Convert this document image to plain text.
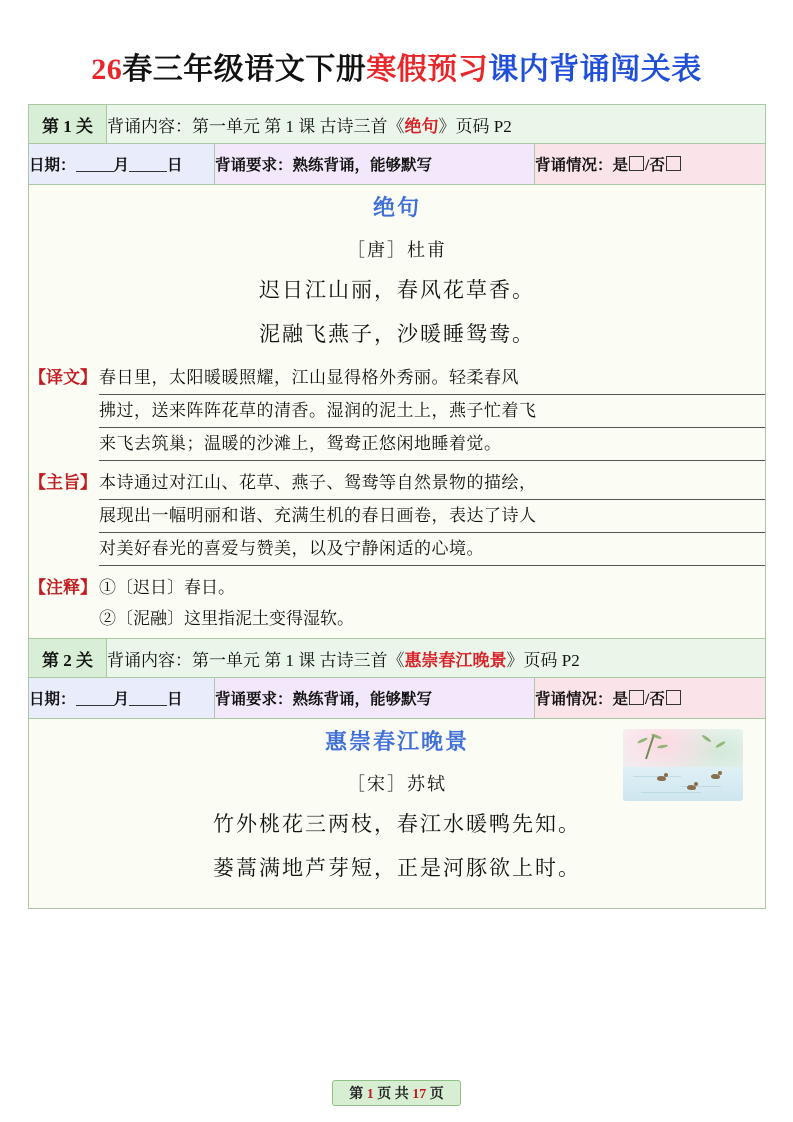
26春三年级语文下册寒假预习课内背诵闯关表
第 1 关	背诵内容：第一单元 第 1 课 古诗三首《绝句》页码 P2		
日期： 月 日		背诵要求：熟练背诵，能够默写	背诵情况：是 /否

绝句
［唐］杜甫
迟日江山丽，春风花草香。
泥融飞燕子，沙暖睡鸳鸯。
【译文】 春日里，太阳暖暖照耀，江山显得格外秀丽。轻柔春风
拂过，送来阵阵花草的清香。湿润的泥土上，燕子忙着飞
来飞去筑巢；温暖的沙滩上，鸳鸯正悠闲地睡着觉。
【主旨】 本诗通过对江山、花草、燕子、鸳鸯等自然景物的描绘，
展现出一幅明丽和谐、充满生机的春日画卷，表达了诗人
对美好春光的喜爱与赞美，以及宁静闲适的心境。
【注释】 ①〔迟日〕春日。
②〔泥融〕这里指泥土变得湿软。

第 2 关	背诵内容：第一单元 第 1 课 古诗三首《惠崇春江晚景》页码 P2		
日期： 月 日		背诵要求：熟练背诵，能够默写	背诵情况：是 /否

惠崇春江晚景
［宋］苏轼
竹外桃花三两枝，春江水暖鸭先知。
蒌蒿满地芦芽短，正是河豚欲上时。			
第 1 页 共 17 页
